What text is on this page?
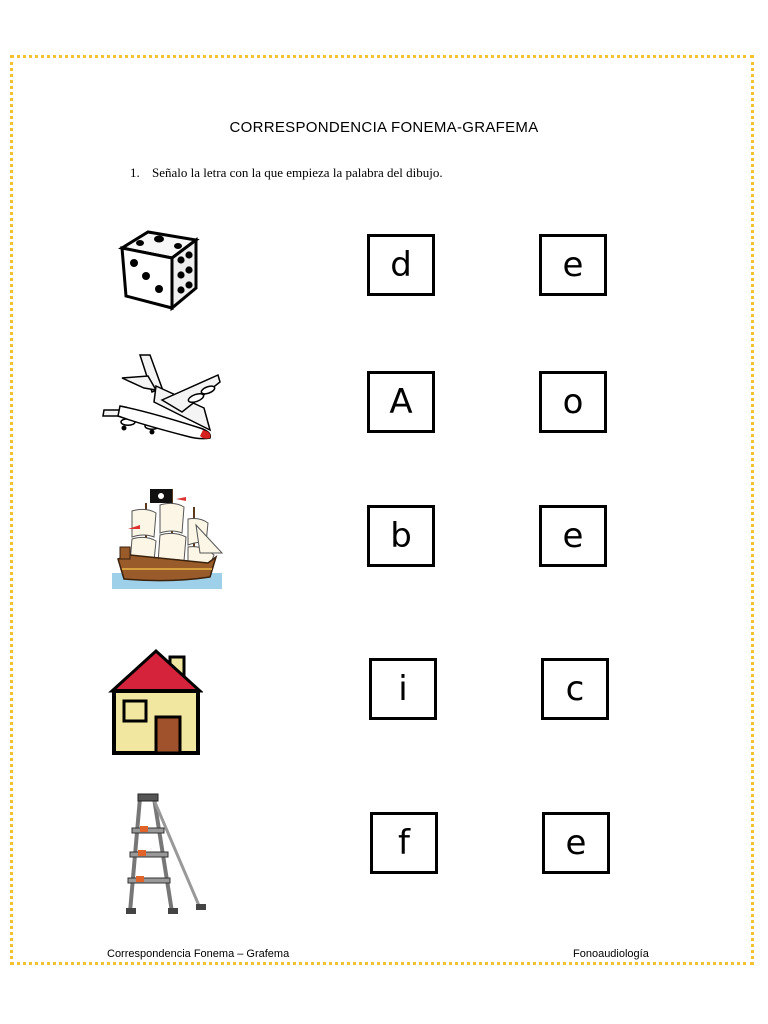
CORRESPONDENCIA FONEMA-GRAFEMA
1. Señalo la letra con la que empieza la palabra del dibujo.
d	e
A	o
b	e
i	c
f	e
Correspondencia Fonema – Grafema	Fonoaudiología
